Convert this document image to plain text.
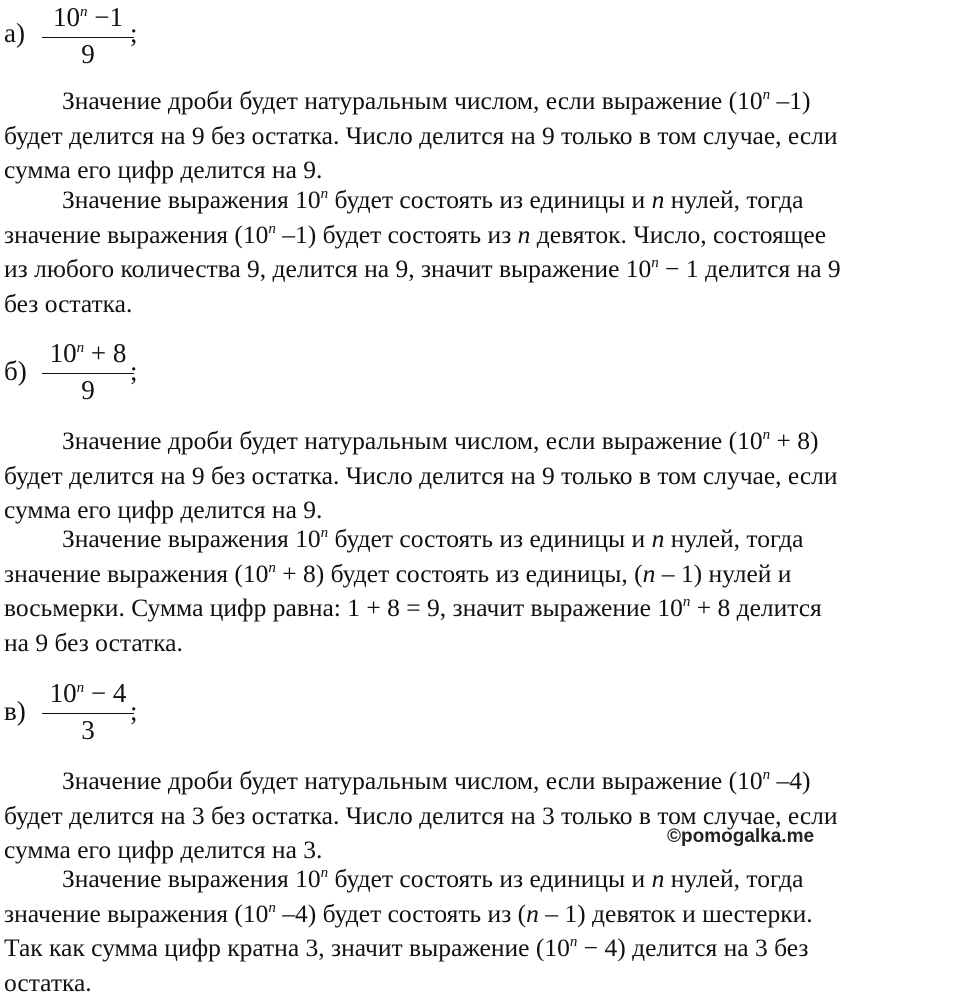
а)
$10^n -1$
9
;
Значение дроби будет натуральным числом, если выражение (10$^n$ –1)
будет делится на 9 без остатка. Число делится на 9 только в том случае, если
сумма его цифр делится на 9.
Значение выражения 10$^n$ будет состоять из единицы и n нулей, тогда
значение выражения (10$^n$ –1) будет состоять из n девяток. Число, состоящее
из любого количества 9, делится на 9, значит выражение $10^n - 1$ делится на 9
без остатка.
б)
$10^n + 8$
9
;
Значение дроби будет натуральным числом, если выражение $(10^n + 8)$
будет делится на 9 без остатка. Число делится на 9 только в том случае, если
сумма его цифр делится на 9.
Значение выражения 10$^n$ будет состоять из единицы и n нулей, тогда
значение выражения $(10^n + 8)$ будет состоять из единицы, (n – 1) нулей и
восьмерки. Сумма цифр равна: 1 + 8 = 9, значит выражение $10^n + 8$ делится
на 9 без остатка.
в)
$10^n - 4$
3
;
Значение дроби будет натуральным числом, если выражение (10$^n$ –4)
будет делится на 3 без остатка. Число делится на 3 только в том случае, если
сумма его цифр делится на 3.	©pomogalka.me
Значение выражения 10$^n$ будет состоять из единицы и n нулей, тогда
значение выражения (10$^n$ –4) будет состоять из (n – 1) девяток и шестерки.
Так как сумма цифр кратна 3, значит выражение $(10^n - 4)$ делится на 3 без
остатка.
